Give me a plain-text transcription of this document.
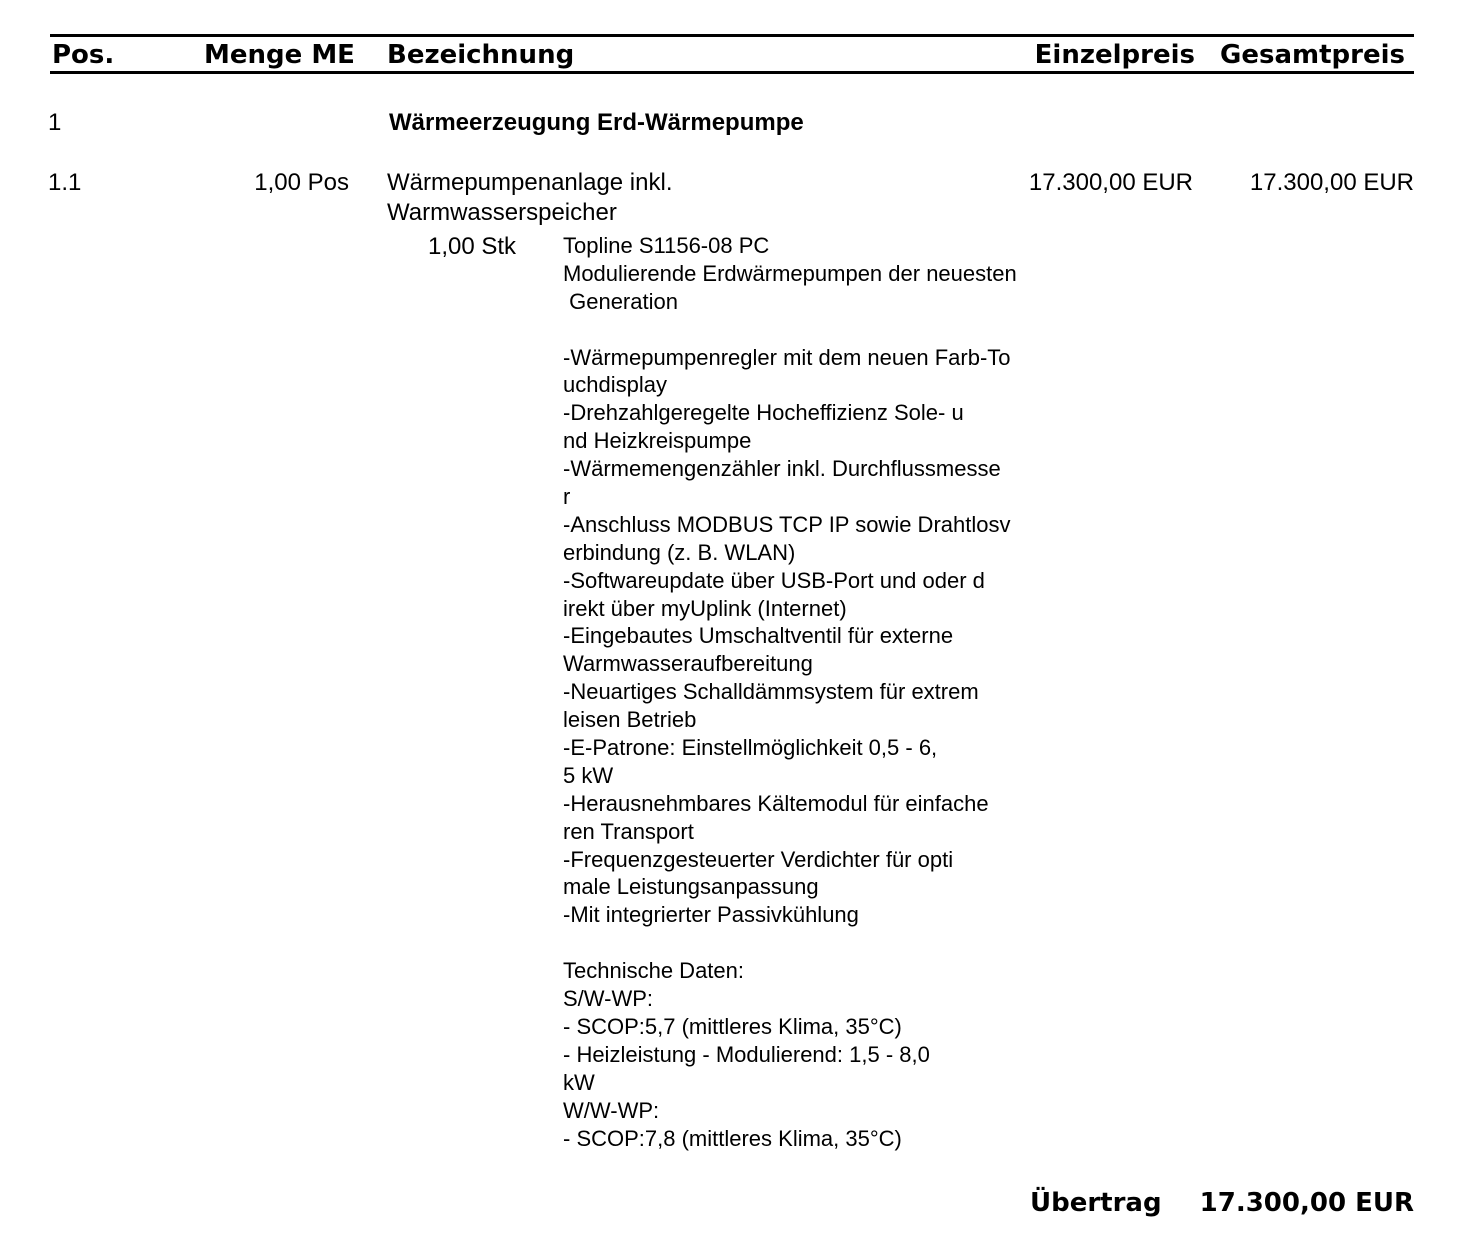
Pos.	Menge ME Bezeichnung	Einzelpreis Gesamtpreis
1	Wärmeerzeugung Erd-Wärmepumpe
1.1	1,00 Pos Wärmepumpenanlage inkl.
Warmwasserspeicher
17.300,00 EUR 17.300,00 EUR
1,00 Stk Topline S1156-08 PC
Modulierende Erdwärmepumpen der neuesten
Generation
-Wärmepumpenregler mit dem neuen Farb-To
uchdisplay
-Drehzahlgeregelte Hocheffizienz Sole- u
nd Heizkreispumpe
-Wärmemengenzähler inkl. Durchflussmesse
r
-Anschluss MODBUS TCP IP sowie Drahtlosv
erbindung (z. B. WLAN)
-Softwareupdate über USB-Port und oder d
irekt über myUplink (Internet)
-Eingebautes Umschaltventil für externe
Warmwasseraufbereitung
-Neuartiges Schalldämmsystem für extrem
leisen Betrieb
-E-Patrone: Einstellmöglichkeit 0,5 - 6,
5 kW
-Herausnehmbares Kältemodul für einfache
ren Transport
-Frequenzgesteuerter Verdichter für opti
male Leistungsanpassung
-Mit integrierter Passivkühlung
Technische Daten:
S/W-WP:
- SCOP:5,7 (mittleres Klima, 35°C)
- Heizleistung - Modulierend: 1,5 - 8,0
kW
W/W-WP:
- SCOP:7,8 (mittleres Klima, 35°C)
Übertrag 17.300,00 EUR
